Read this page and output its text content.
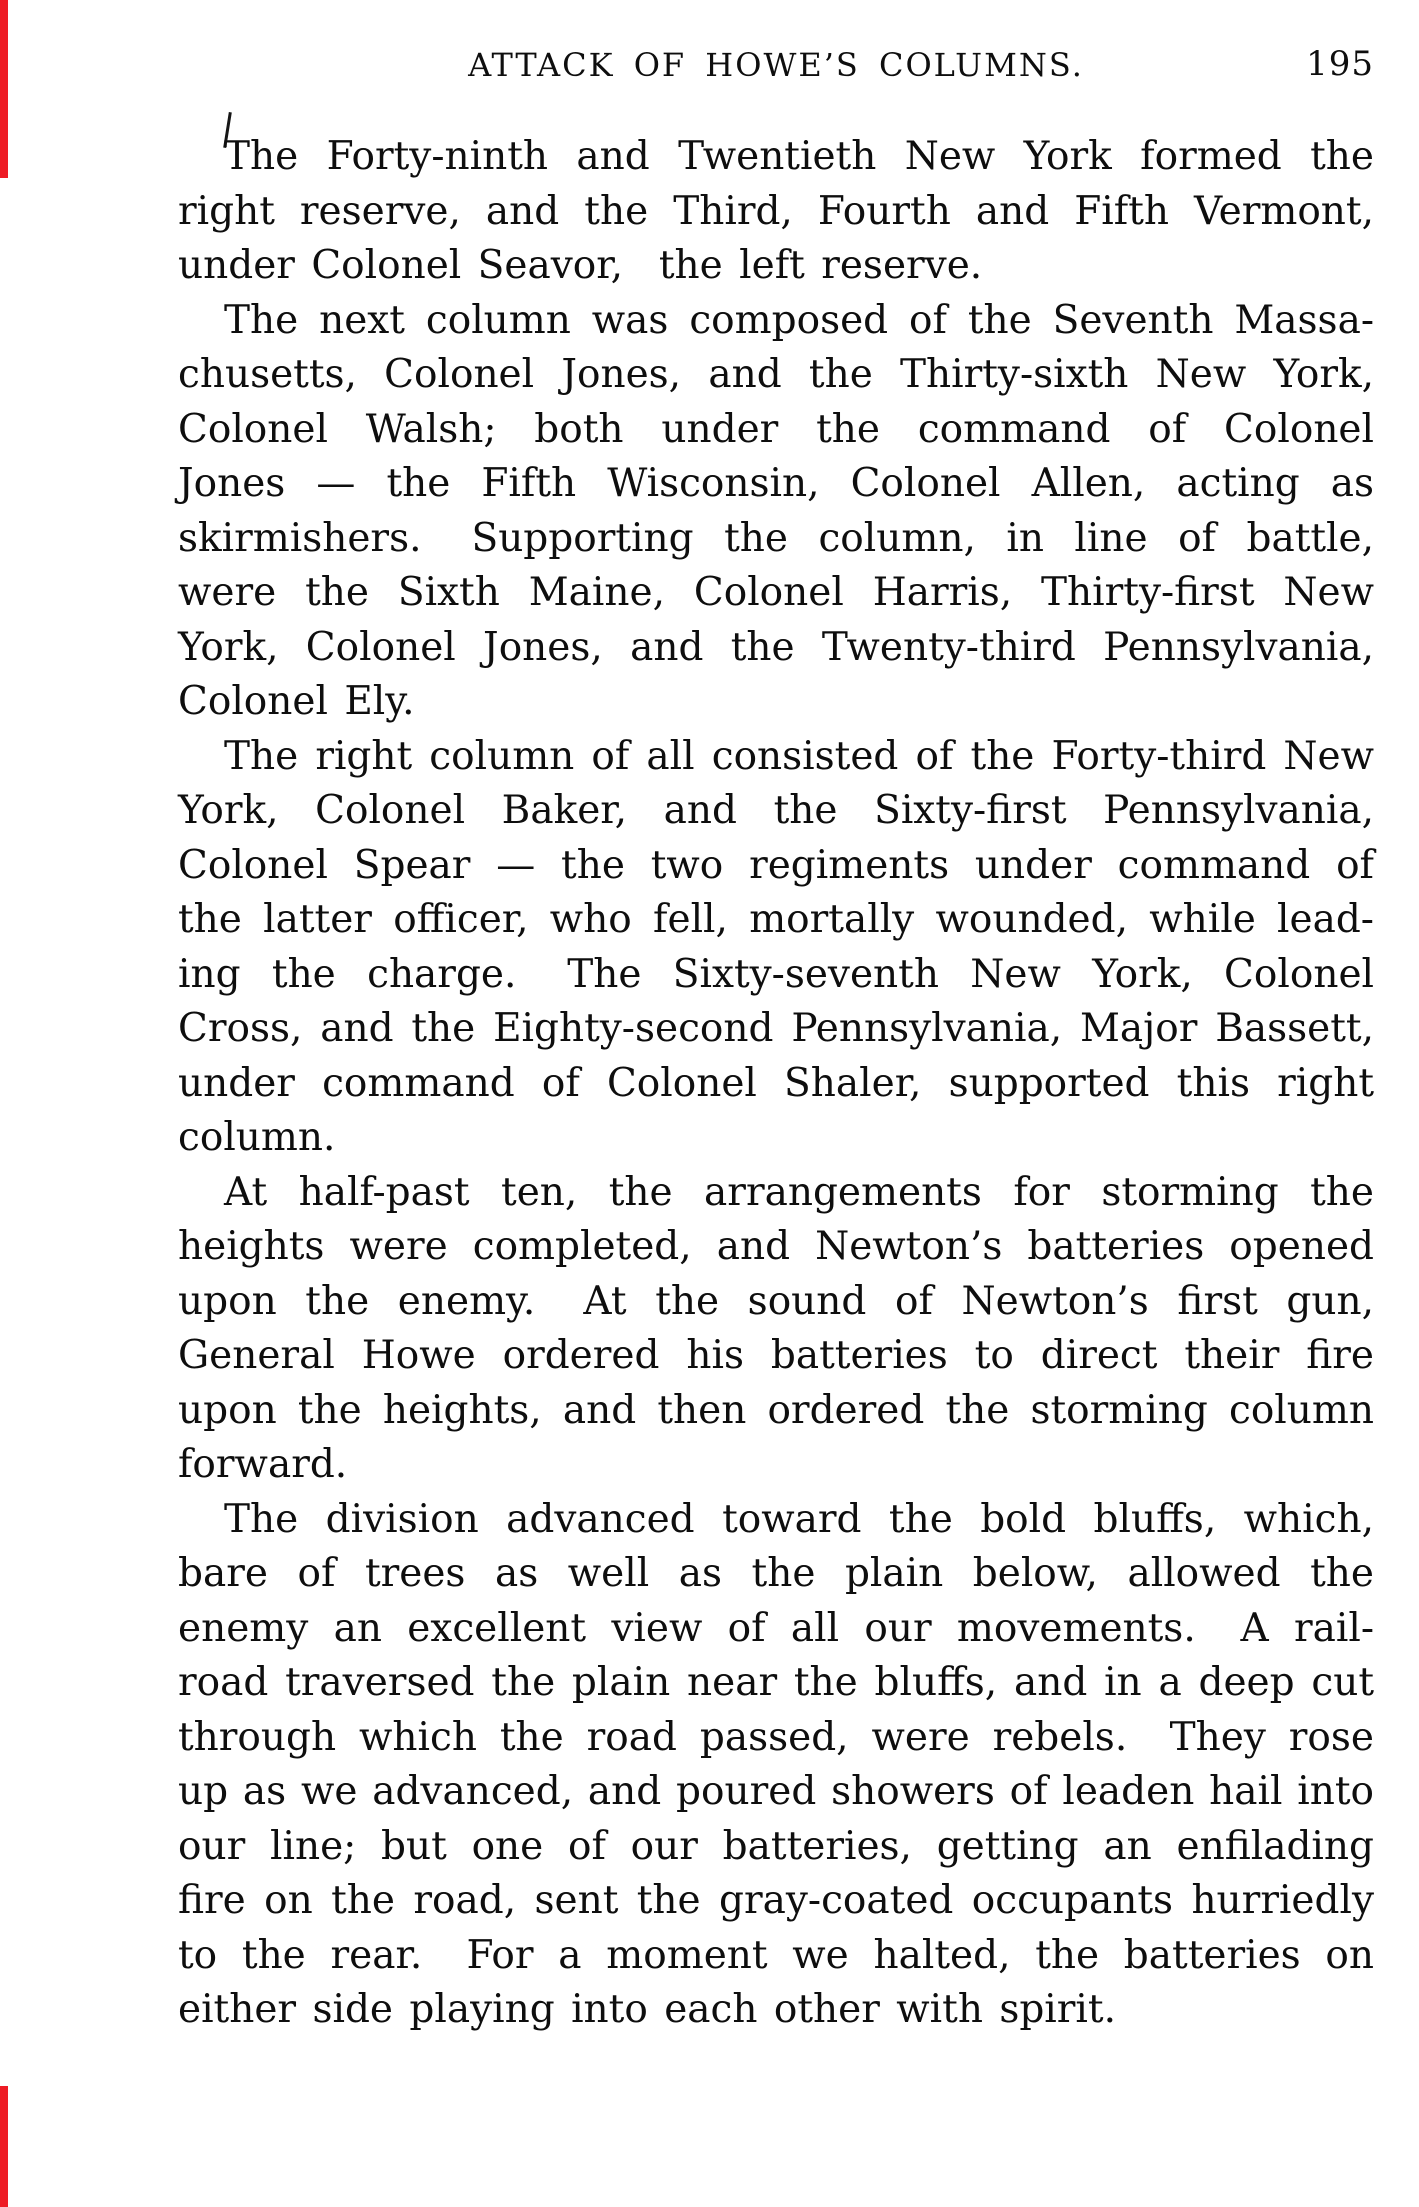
ATTACK OF HOWE’S COLUMNS.	195
The Forty-ninth and Twentieth New York formed the
right reserve, and the Third, Fourth and Fifth Vermont,
under Colonel Seavor,  the left reserve.
The next column was composed of the Seventh Massa-
chusetts, Colonel Jones, and the Thirty-sixth New York,
Colonel Walsh; both under the command of Colonel
Jones — the Fifth Wisconsin, Colonel Allen, acting as
skirmishers.  Supporting the column, in line of battle,
were the Sixth Maine, Colonel Harris, Thirty-first New
York, Colonel Jones, and the Twenty-third Pennsylvania,
Colonel Ely.
The right column of all consisted of the Forty-third New
York, Colonel Baker, and the Sixty-first Pennsylvania,
Colonel Spear — the two regiments under command of
the latter officer, who fell, mortally wounded, while lead-
ing the charge.  The Sixty-seventh New York, Colonel
Cross, and the Eighty-second Pennsylvania, Major Bassett,
under command of Colonel Shaler, supported this right
column.
At half-past ten, the arrangements for storming the
heights were completed, and Newton’s batteries opened
upon the enemy.  At the sound of Newton’s first gun,
General Howe ordered his batteries to direct their fire
upon the heights, and then ordered the storming column
forward.
The division advanced toward the bold bluffs, which,
bare of trees as well as the plain below, allowed the
enemy an excellent view of all our movements.  A rail-
road traversed the plain near the bluffs, and in a deep cut
through which the road passed, were rebels.  They rose
up as we advanced, and poured showers of leaden hail into
our line; but one of our batteries, getting an enfilading
fire on the road, sent the gray-coated occupants hurriedly
to the rear.  For a moment we halted, the batteries on
either side playing into each other with spirit.
